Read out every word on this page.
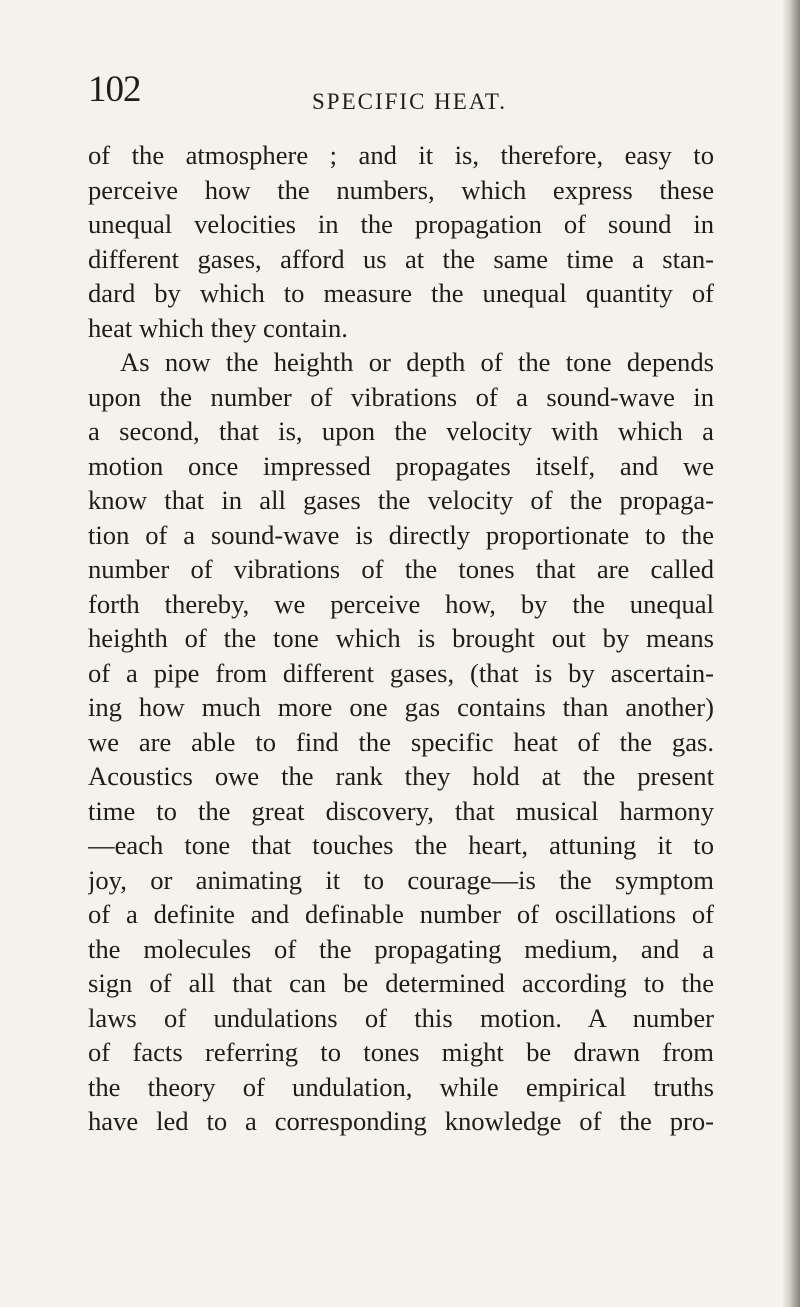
102	SPECIFIC HEAT.
of the atmosphere ; and it is, therefore, easy to
perceive how the numbers, which express these
unequal velocities in the propagation of sound in
different gases, afford us at the same time a stan-
dard by which to measure the unequal quantity of
heat which they contain.
As now the heighth or depth of the tone depends
upon the number of vibrations of a sound-wave in
a second, that is, upon the velocity with which a
motion once impressed propagates itself, and we
know that in all gases the velocity of the propaga-
tion of a sound-wave is directly proportionate to the
number of vibrations of the tones that are called
forth thereby, we perceive how, by the unequal
heighth of the tone which is brought out by means
of a pipe from different gases, (that is by ascertain-
ing how much more one gas contains than another)
we are able to find the specific heat of the gas.
Acoustics owe the rank they hold at the present
time to the great discovery, that musical harmony
—each tone that touches the heart, attuning it to
joy, or animating it to courage—is the symptom
of a definite and definable number of oscillations of
the molecules of the propagating medium, and a
sign of all that can be determined according to the
laws of undulations of this motion. A number
of facts referring to tones might be drawn from
the theory of undulation, while empirical truths
have led to a corresponding knowledge of the pro-
